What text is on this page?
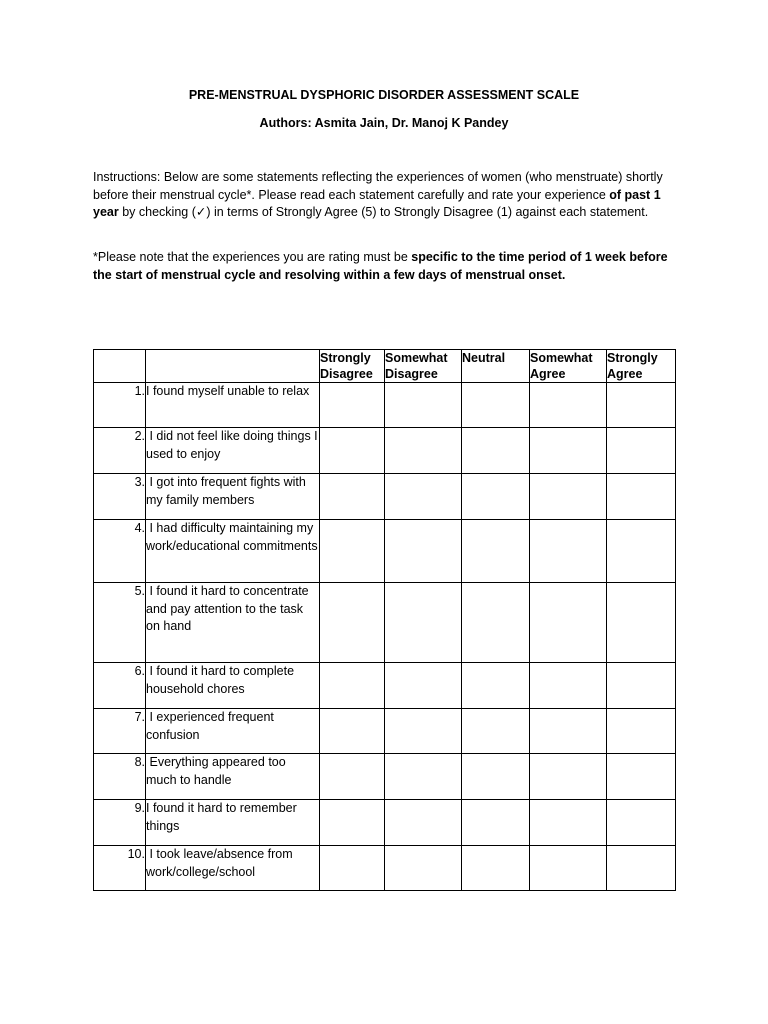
PRE-MENSTRUAL DYSPHORIC DISORDER ASSESSMENT SCALE
Authors: Asmita Jain, Dr. Manoj K Pandey
Instructions: Below are some statements reflecting the experiences of women (who menstruate) shortly before their menstrual cycle*. Please read each statement carefully and rate your experience of past 1 year by checking (✓) in terms of Strongly Agree (5) to Strongly Disagree (1) against each statement.
*Please note that the experiences you are rating must be specific to the time period of 1 week before the start of menstrual cycle and resolving within a few days of menstrual onset.
		Strongly Disagree	Somewhat Disagree	Neutral	Somewhat Agree	Strongly Agree
1.	I found myself unable to relax					
2.	I did not feel like doing things I used to enjoy					
3.	I got into frequent fights with my family members					
4.	I had difficulty maintaining my work/educational commitments					
5.	I found it hard to concentrate and pay attention to the task on hand					
6.	I found it hard to complete household chores					
7.	I experienced frequent confusion					
8.	Everything appeared too much to handle					
9.	I found it hard to remember things					
10.	I took leave/absence from work/college/school					
